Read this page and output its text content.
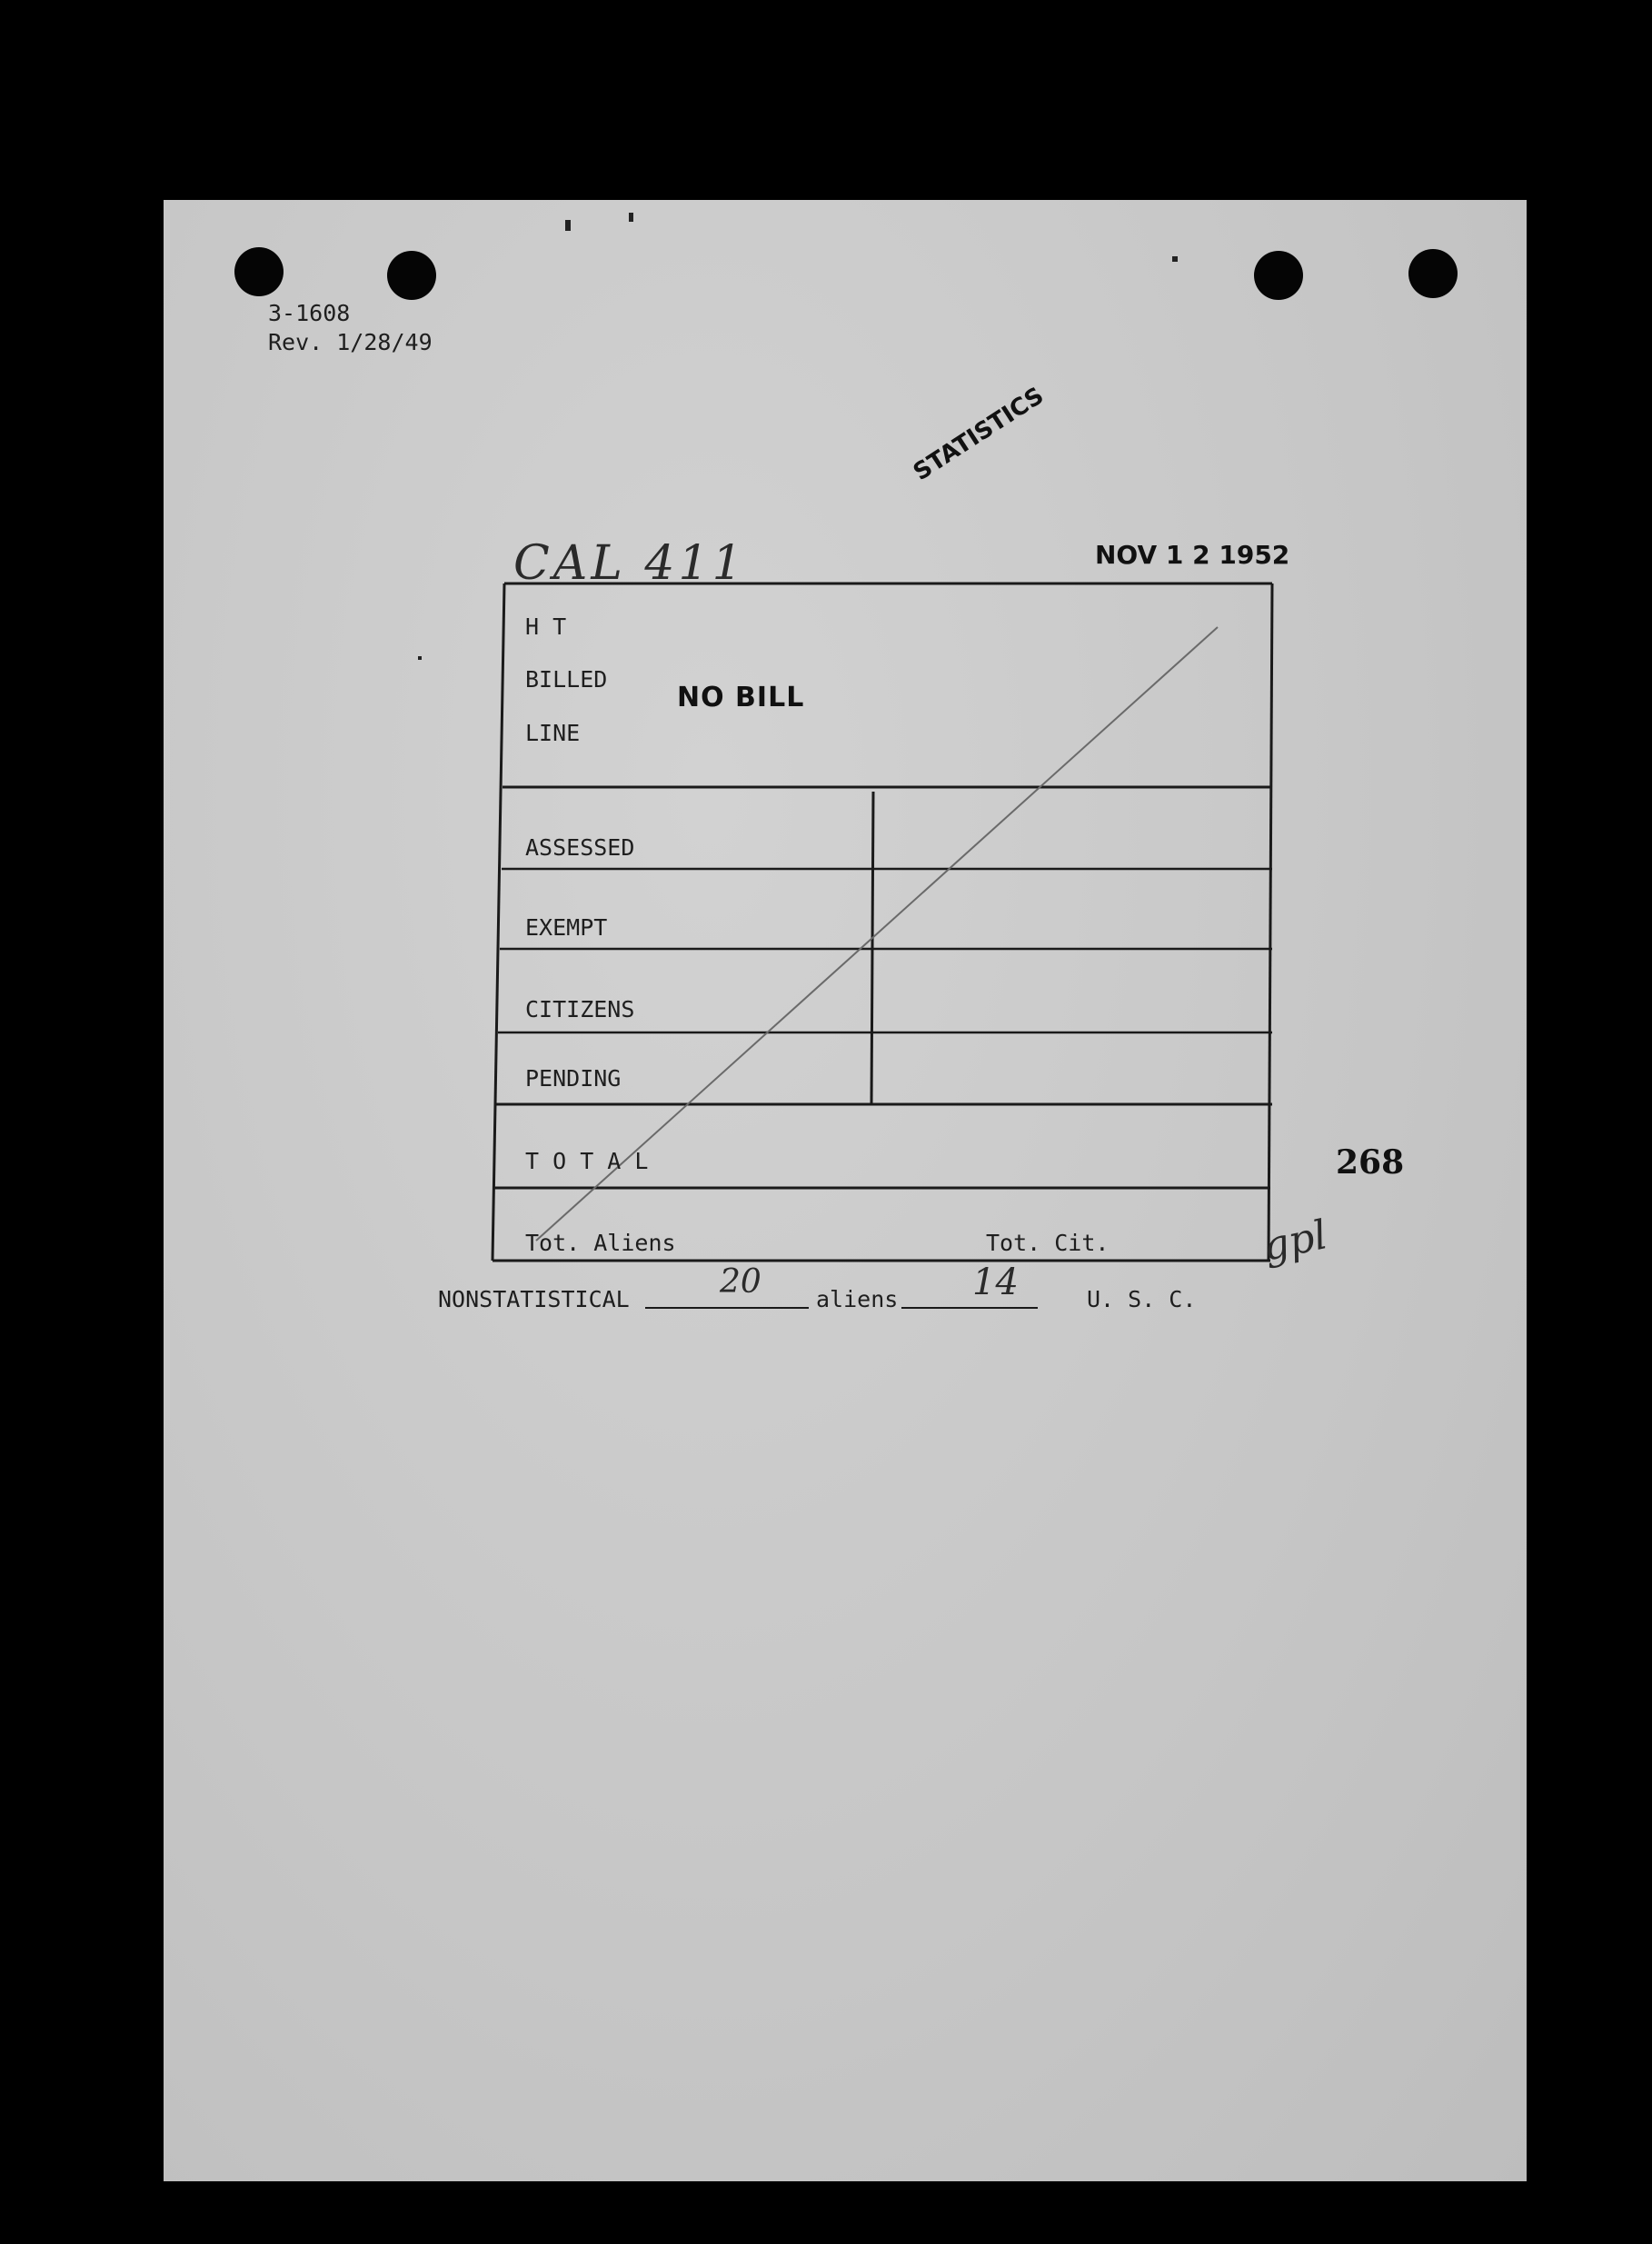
3-1608
Rev. 1/28/49
STATISTICS
CAL 411	NOV 1 2 1952
H T
BILLED
LINE
NO BILL
ASSESSED
EXEMPT
CITIZENS
PENDING
T O T A L	268
Tot. Aliens	Tot. Cit.	gpl
NONSTATISTICAL	20 aliens 14	U. S. C.
